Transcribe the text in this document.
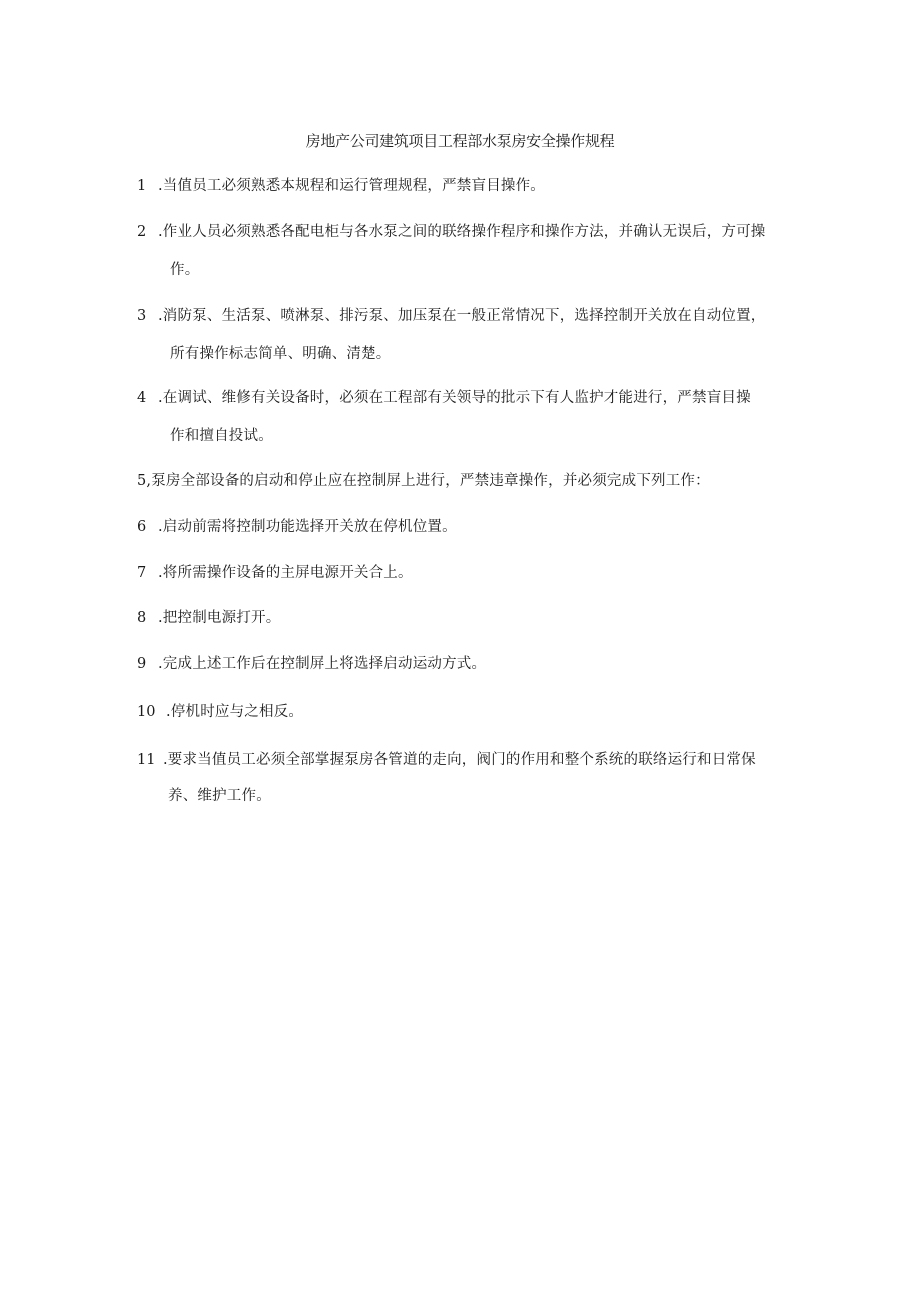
房地产公司建筑项目工程部水泵房安全操作规程
1 .当值员工必须熟悉本规程和运行管理规程，严禁盲目操作。
2 .作业人员必须熟悉各配电柜与各水泵之间的联络操作程序和操作方法，并确认无误后，方可操
作。
3 .消防泵、生活泵、喷淋泵、排污泵、加压泵在一般正常情况下，选择控制开关放在自动位置，
所有操作标志简单、明确、清楚。
4 .在调试、维修有关设备时，必须在工程部有关领导的批示下有人监护才能进行，严禁盲目操
作和擅自投试。
5,泵房全部设备的启动和停止应在控制屏上进行，严禁违章操作，并必须完成下列工作：
6 .启动前需将控制功能选择开关放在停机位置。
7 .将所需操作设备的主屏电源开关合上。
8 .把控制电源打开。
9 .完成上述工作后在控制屏上将选择启动运动方式。
10 .停机时应与之相反。
11 .要求当值员工必须全部掌握泵房各管道的走向，阀门的作用和整个系统的联络运行和日常保
养、维护工作。
